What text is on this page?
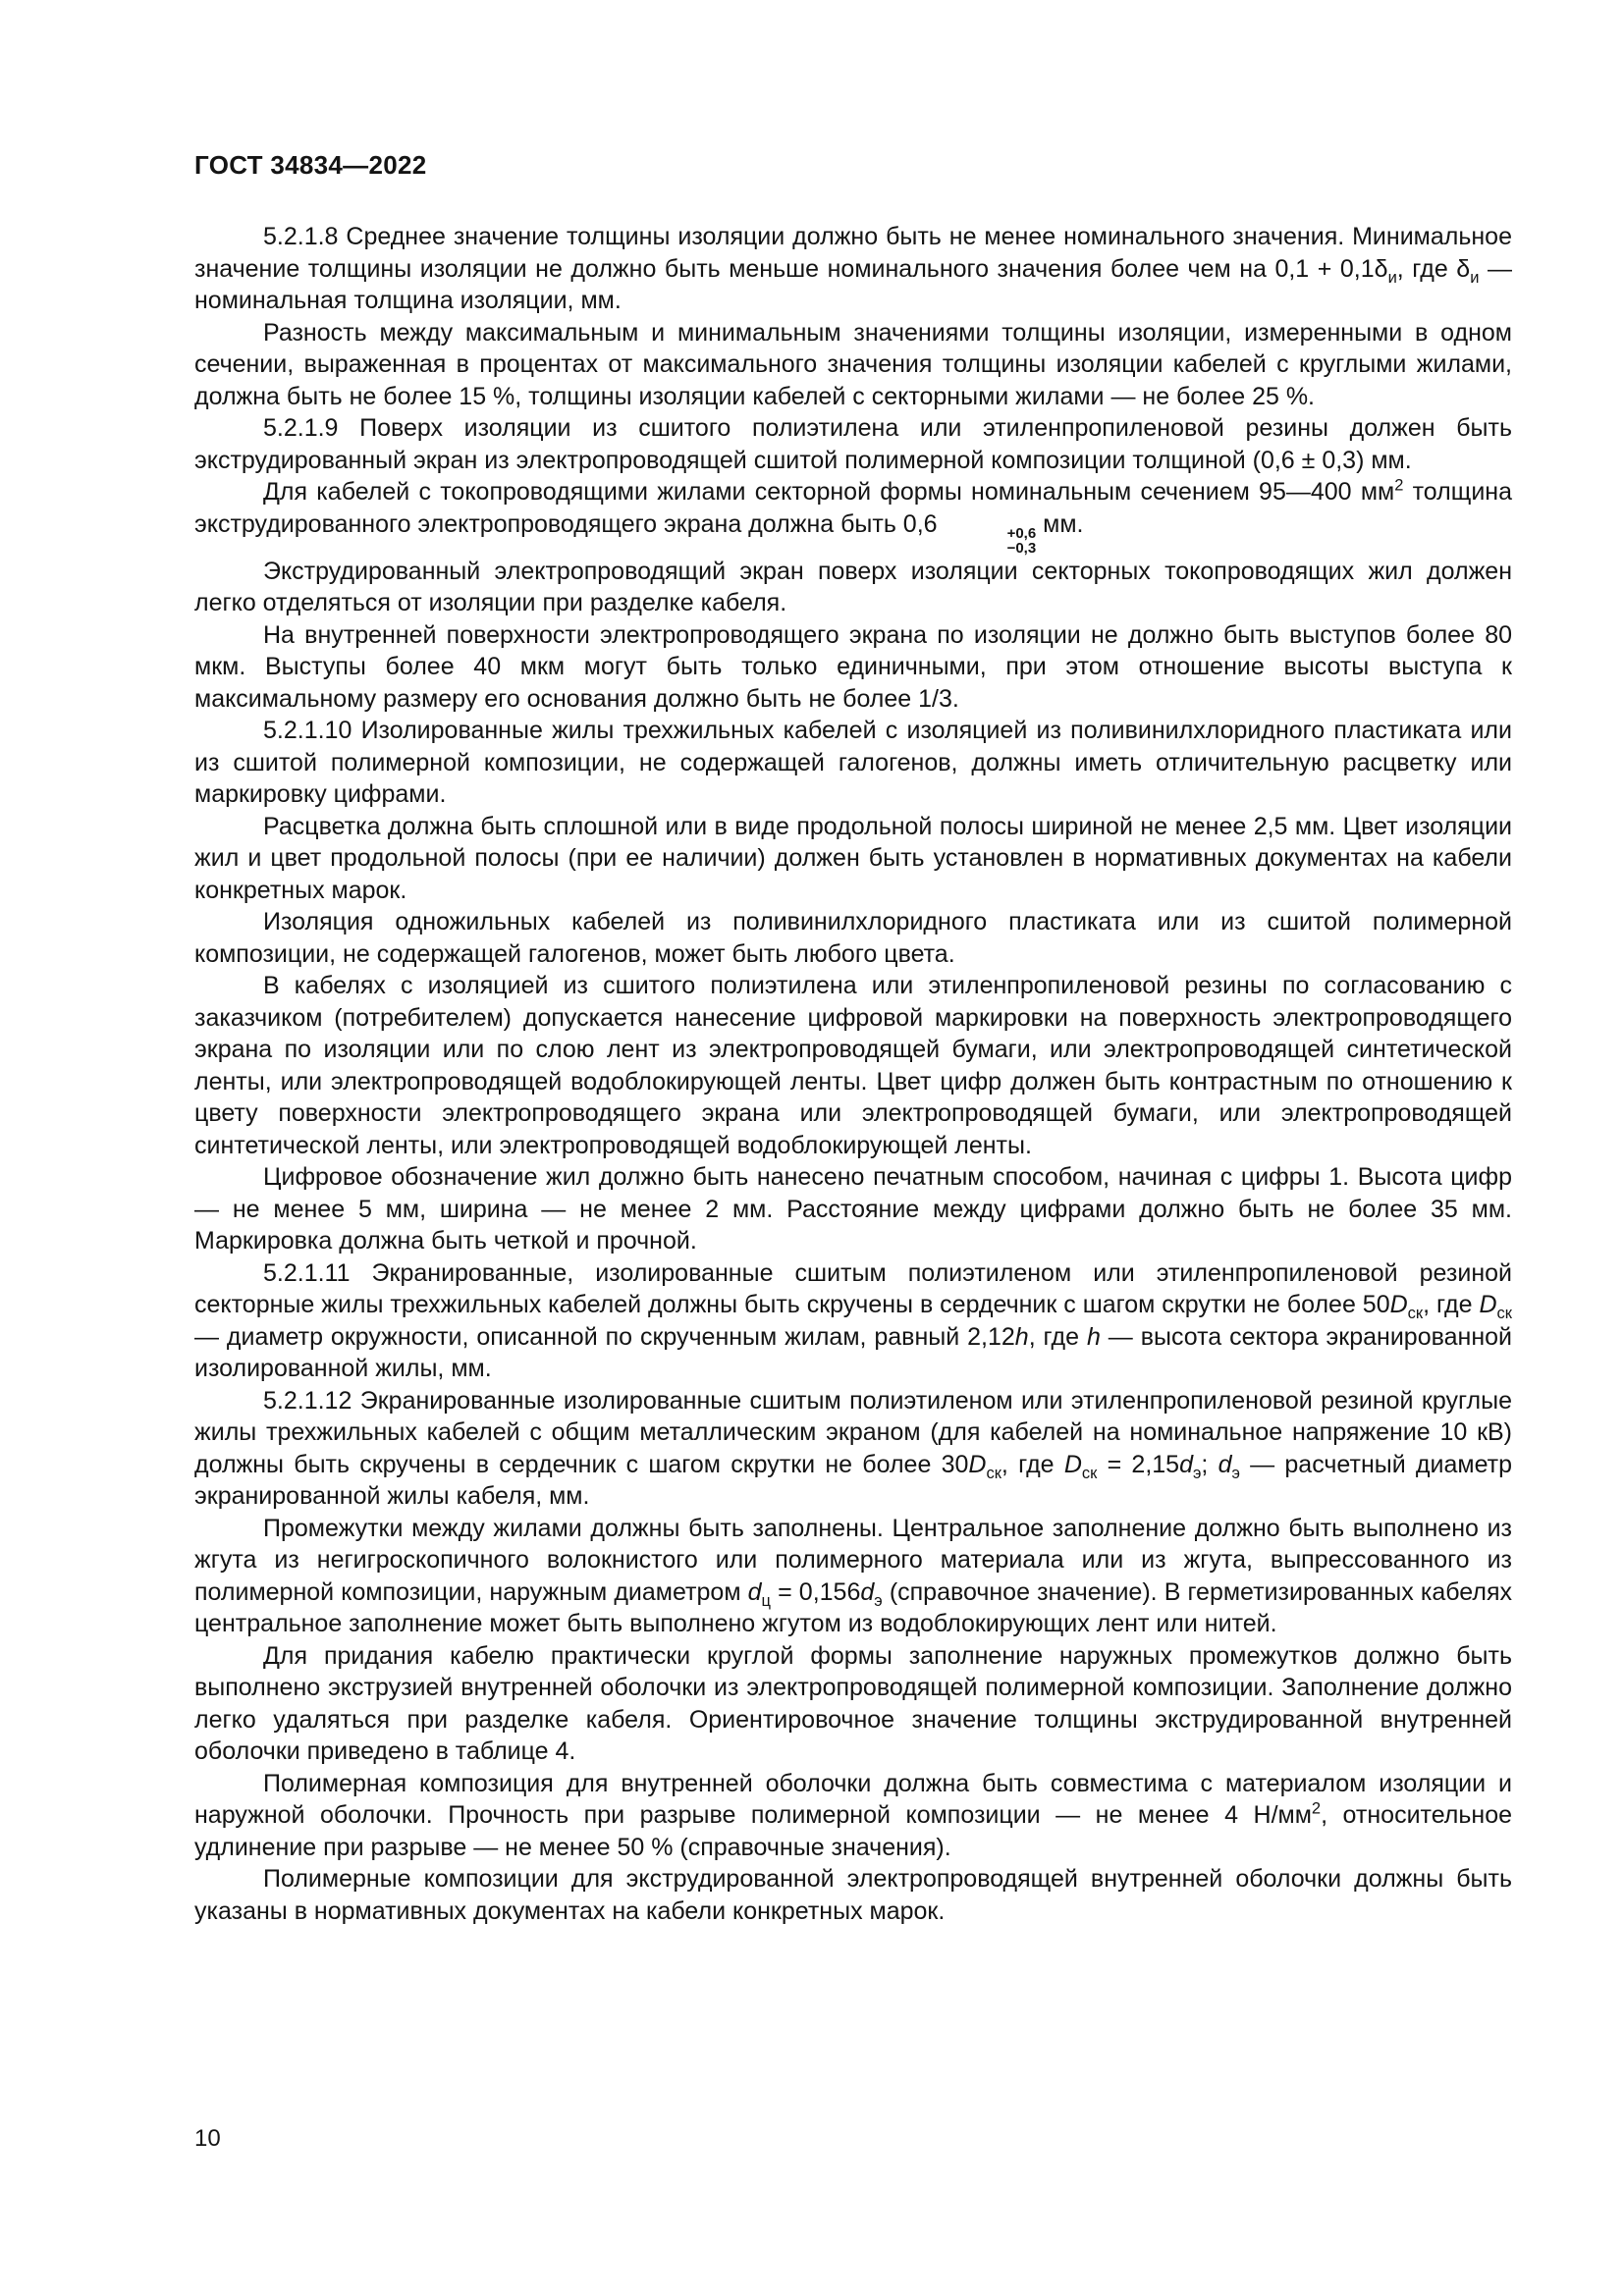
ГОСТ 34834—2022

5.2.1.8 Среднее значение толщины изоляции должно быть не менее номинального значения. Минимальное значение толщины изоляции не должно быть меньше номинального значения более чем на $0,1 + 0,1\delta_и$, где $\delta_и$ — номинальная толщина изоляции, мм.

Разность между максимальным и минимальным значениями толщины изоляции, измеренными в одном сечении, выраженная в процентах от максимального значения толщины изоляции кабелей с круглыми жилами, должна быть не более 15 %, толщины изоляции кабелей с секторными жилами — не более 25 %.

5.2.1.9 Поверх изоляции из сшитого полиэтилена или этиленпропиленовой резины должен быть экструдированный экран из электропроводящей сшитой полимерной композиции толщиной (0,6 ± 0,3) мм.

Для кабелей с токопроводящими жилами секторной формы номинальным сечением 95—400 $мм^2$ толщина экструдированного электропроводящего экрана должна быть 0,6	+0,6
−0,3
мм.

Экструдированный электропроводящий экран поверх изоляции секторных токопроводящих жил должен легко отделяться от изоляции при разделке кабеля.

На внутренней поверхности электропроводящего экрана по изоляции не должно быть выступов более 80 мкм. Выступы более 40 мкм могут быть только единичными, при этом отношение высоты выступа к максимальному размеру его основания должно быть не более 1/3.

5.2.1.10 Изолированные жилы трехжильных кабелей с изоляцией из поливинилхлоридного пластиката или из сшитой полимерной композиции, не содержащей галогенов, должны иметь отличительную расцветку или маркировку цифрами.

Расцветка должна быть сплошной или в виде продольной полосы шириной не менее 2,5 мм. Цвет изоляции жил и цвет продольной полосы (при ее наличии) должен быть установлен в нормативных документах на кабели конкретных марок.

Изоляция одножильных кабелей из поливинилхлоридного пластиката или из сшитой полимерной композиции, не содержащей галогенов, может быть любого цвета.

В кабелях с изоляцией из сшитого полиэтилена или этиленпропиленовой резины по согласованию с заказчиком (потребителем) допускается нанесение цифровой маркировки на поверхность электропроводящего экрана по изоляции или по слою лент из электропроводящей бумаги, или электропроводящей синтетической ленты, или электропроводящей водоблокирующей ленты. Цвет цифр должен быть контрастным по отношению к цвету поверхности электропроводящего экрана или электропроводящей бумаги, или электропроводящей синтетической ленты, или электропроводящей водоблокирующей ленты.

Цифровое обозначение жил должно быть нанесено печатным способом, начиная с цифры 1. Высота цифр — не менее 5 мм, ширина — не менее 2 мм. Расстояние между цифрами должно быть не более 35 мм. Маркировка должна быть четкой и прочной.

5.2.1.11 Экранированные, изолированные сшитым полиэтиленом или этиленпропиленовой резиной секторные жилы трехжильных кабелей должны быть скручены в сердечник с шагом скрутки не более $50D_{ск}$, где $D_{ск}$ — диаметр окружности, описанной по скрученным жилам, равный 2,12h, где h — высота сектора экранированной изолированной жилы, мм.

5.2.1.12 Экранированные изолированные сшитым полиэтиленом или этиленпропиленовой резиной круглые жилы трехжильных кабелей с общим металлическим экраном (для кабелей на номинальное напряжение 10 кВ) должны быть скручены в сердечник с шагом скрутки не более $30D_{ск}$, где $D_{ск} = 2,15d_э$; $d_э$ — расчетный диаметр экранированной жилы кабеля, мм.

Промежутки между жилами должны быть заполнены. Центральное заполнение должно быть выполнено из жгута из негигроскопичного волокнистого или полимерного материала или из жгута, выпрессованного из полимерной композиции, наружным диаметром $d_ц = 0,156d_э$ (справочное значение). В герметизированных кабелях центральное заполнение может быть выполнено жгутом из водоблокирующих лент или нитей.

Для придания кабелю практически круглой формы заполнение наружных промежутков должно быть выполнено экструзией внутренней оболочки из электропроводящей полимерной композиции. Заполнение должно легко удаляться при разделке кабеля. Ориентировочное значение толщины экструдированной внутренней оболочки приведено в таблице 4.

Полимерная композиция для внутренней оболочки должна быть совместима с материалом изоляции и наружной оболочки. Прочность при разрыве полимерной композиции — не менее 4 $Н/мм^2$, относительное удлинение при разрыве — не менее 50 % (справочные значения).

Полимерные композиции для экструдированной электропроводящей внутренней оболочки должны быть указаны в нормативных документах на кабели конкретных марок.

10
